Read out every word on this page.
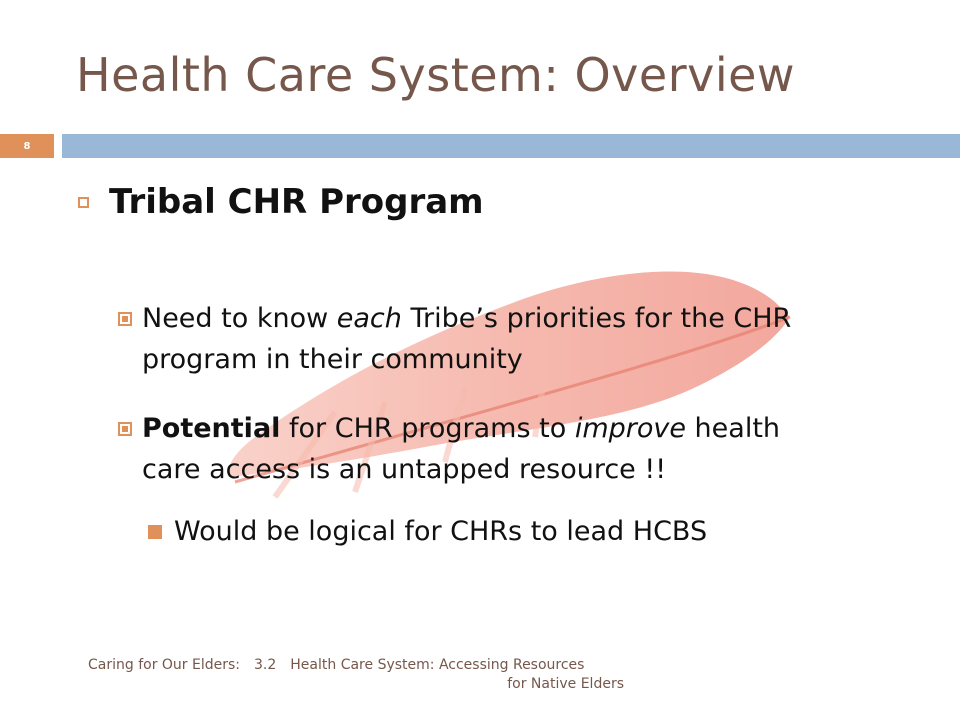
Health Care System: Overview
8
Tribal CHR Program
Need to know each Tribe’s priorities for the CHR program in their community
Potential for CHR programs to improve health care access is an untapped resource !!
Would be logical for CHRs to lead HCBS
Caring for Our Elders: 3.2 Health Care System: Accessing Resources
for Native Elders
